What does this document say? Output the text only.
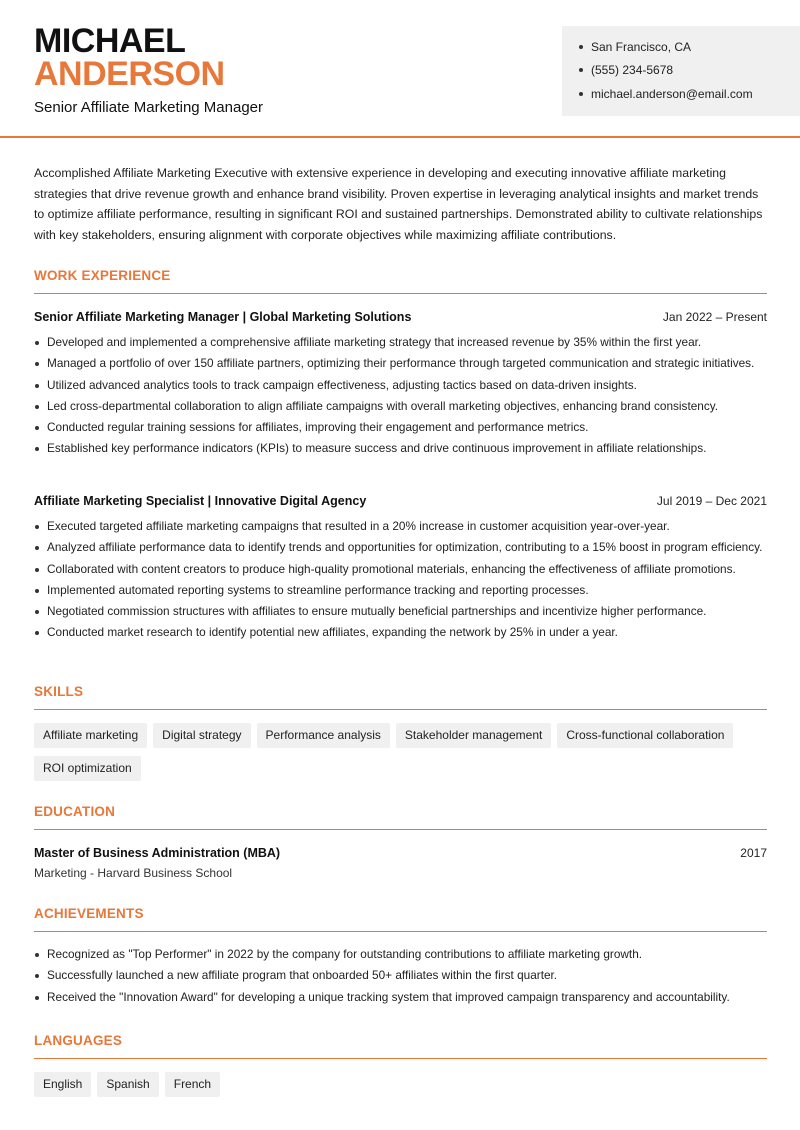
MICHAEL
ANDERSON
Senior Affiliate Marketing Manager
San Francisco, CA
(555) 234-5678
michael.anderson@email.com

Accomplished Affiliate Marketing Executive with extensive experience in developing and executing innovative affiliate marketing strategies that drive revenue growth and enhance brand visibility. Proven expertise in leveraging analytical insights and market trends to optimize affiliate performance, resulting in significant ROI and sustained partnerships. Demonstrated ability to cultivate relationships with key stakeholders, ensuring alignment with corporate objectives while maximizing affiliate contributions.

WORK EXPERIENCE
Senior Affiliate Marketing Manager | Global Marketing Solutions	Jan 2022 – Present
Developed and implemented a comprehensive affiliate marketing strategy that increased revenue by 35% within the first year.
Managed a portfolio of over 150 affiliate partners, optimizing their performance through targeted communication and strategic initiatives.
Utilized advanced analytics tools to track campaign effectiveness, adjusting tactics based on data-driven insights.
Led cross-departmental collaboration to align affiliate campaigns with overall marketing objectives, enhancing brand consistency.
Conducted regular training sessions for affiliates, improving their engagement and performance metrics.
Established key performance indicators (KPIs) to measure success and drive continuous improvement in affiliate relationships.
Affiliate Marketing Specialist | Innovative Digital Agency	Jul 2019 – Dec 2021
Executed targeted affiliate marketing campaigns that resulted in a 20% increase in customer acquisition year-over-year.
Analyzed affiliate performance data to identify trends and opportunities for optimization, contributing to a 15% boost in program efficiency.
Collaborated with content creators to produce high-quality promotional materials, enhancing the effectiveness of affiliate promotions.
Implemented automated reporting systems to streamline performance tracking and reporting processes.
Negotiated commission structures with affiliates to ensure mutually beneficial partnerships and incentivize higher performance.
Conducted market research to identify potential new affiliates, expanding the network by 25% in under a year.
SKILLS
Affiliate marketing Digital strategy Performance analysis Stakeholder management Cross-functional collaborationROI optimization
EDUCATION
Master of Business Administration (MBA)	2017
Marketing - Harvard Business School
ACHIEVEMENTS
Recognized as "Top Performer" in 2022 by the company for outstanding contributions to affiliate marketing growth.
Successfully launched a new affiliate program that onboarded 50+ affiliates within the first quarter.
Received the "Innovation Award" for developing a unique tracking system that improved campaign transparency and accountability.
LANGUAGES
English Spanish French
